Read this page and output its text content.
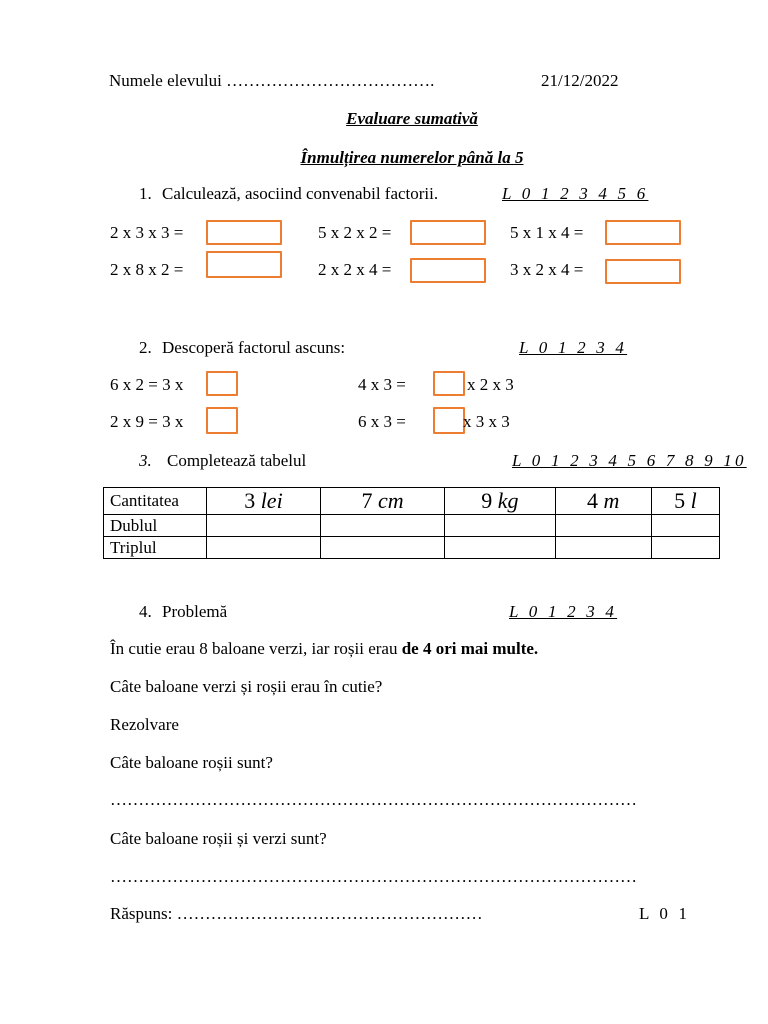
Numele elevului ……………………………….	21/12/2022
Evaluare sumativă
Înmulțirea numerelor până la 5
1. Calculează, asociind convenabil factorii.	L 0 1 2 3 4 5 6
2 x 3 x 3 =	5 x 2 x 2 =	5 x 1 x 4 =
2 x 8 x 2 =	2 x 2 x 4 =	3 x 2 x 4 =
2. Descoperă factorul ascuns:	L 0 1 2 3 4
6 x 2 = 3 x	4 x 3 =	x 2 x 3
2 x 9 = 3 x	6 x 3 =	x 3 x 3
3. Completează tabelul	L 0 1 2 3 4 5 6 7 8 9 10
Cantitatea	3 lei	7 cm	9 kg	4 m	5 l
Dublul					
Triplul					
4. Problemă	L 0 1 2 3 4
În cutie erau 8 baloane verzi, iar roșii erau de 4 ori mai multe.
Câte baloane verzi și roșii erau în cutie?
Rezolvare
Câte baloane roșii sunt?
…………………………………………………………………………………
Câte baloane roșii și verzi sunt?
…………………………………………………………………………………
Răspuns: ………………………………………………	L 0 1
